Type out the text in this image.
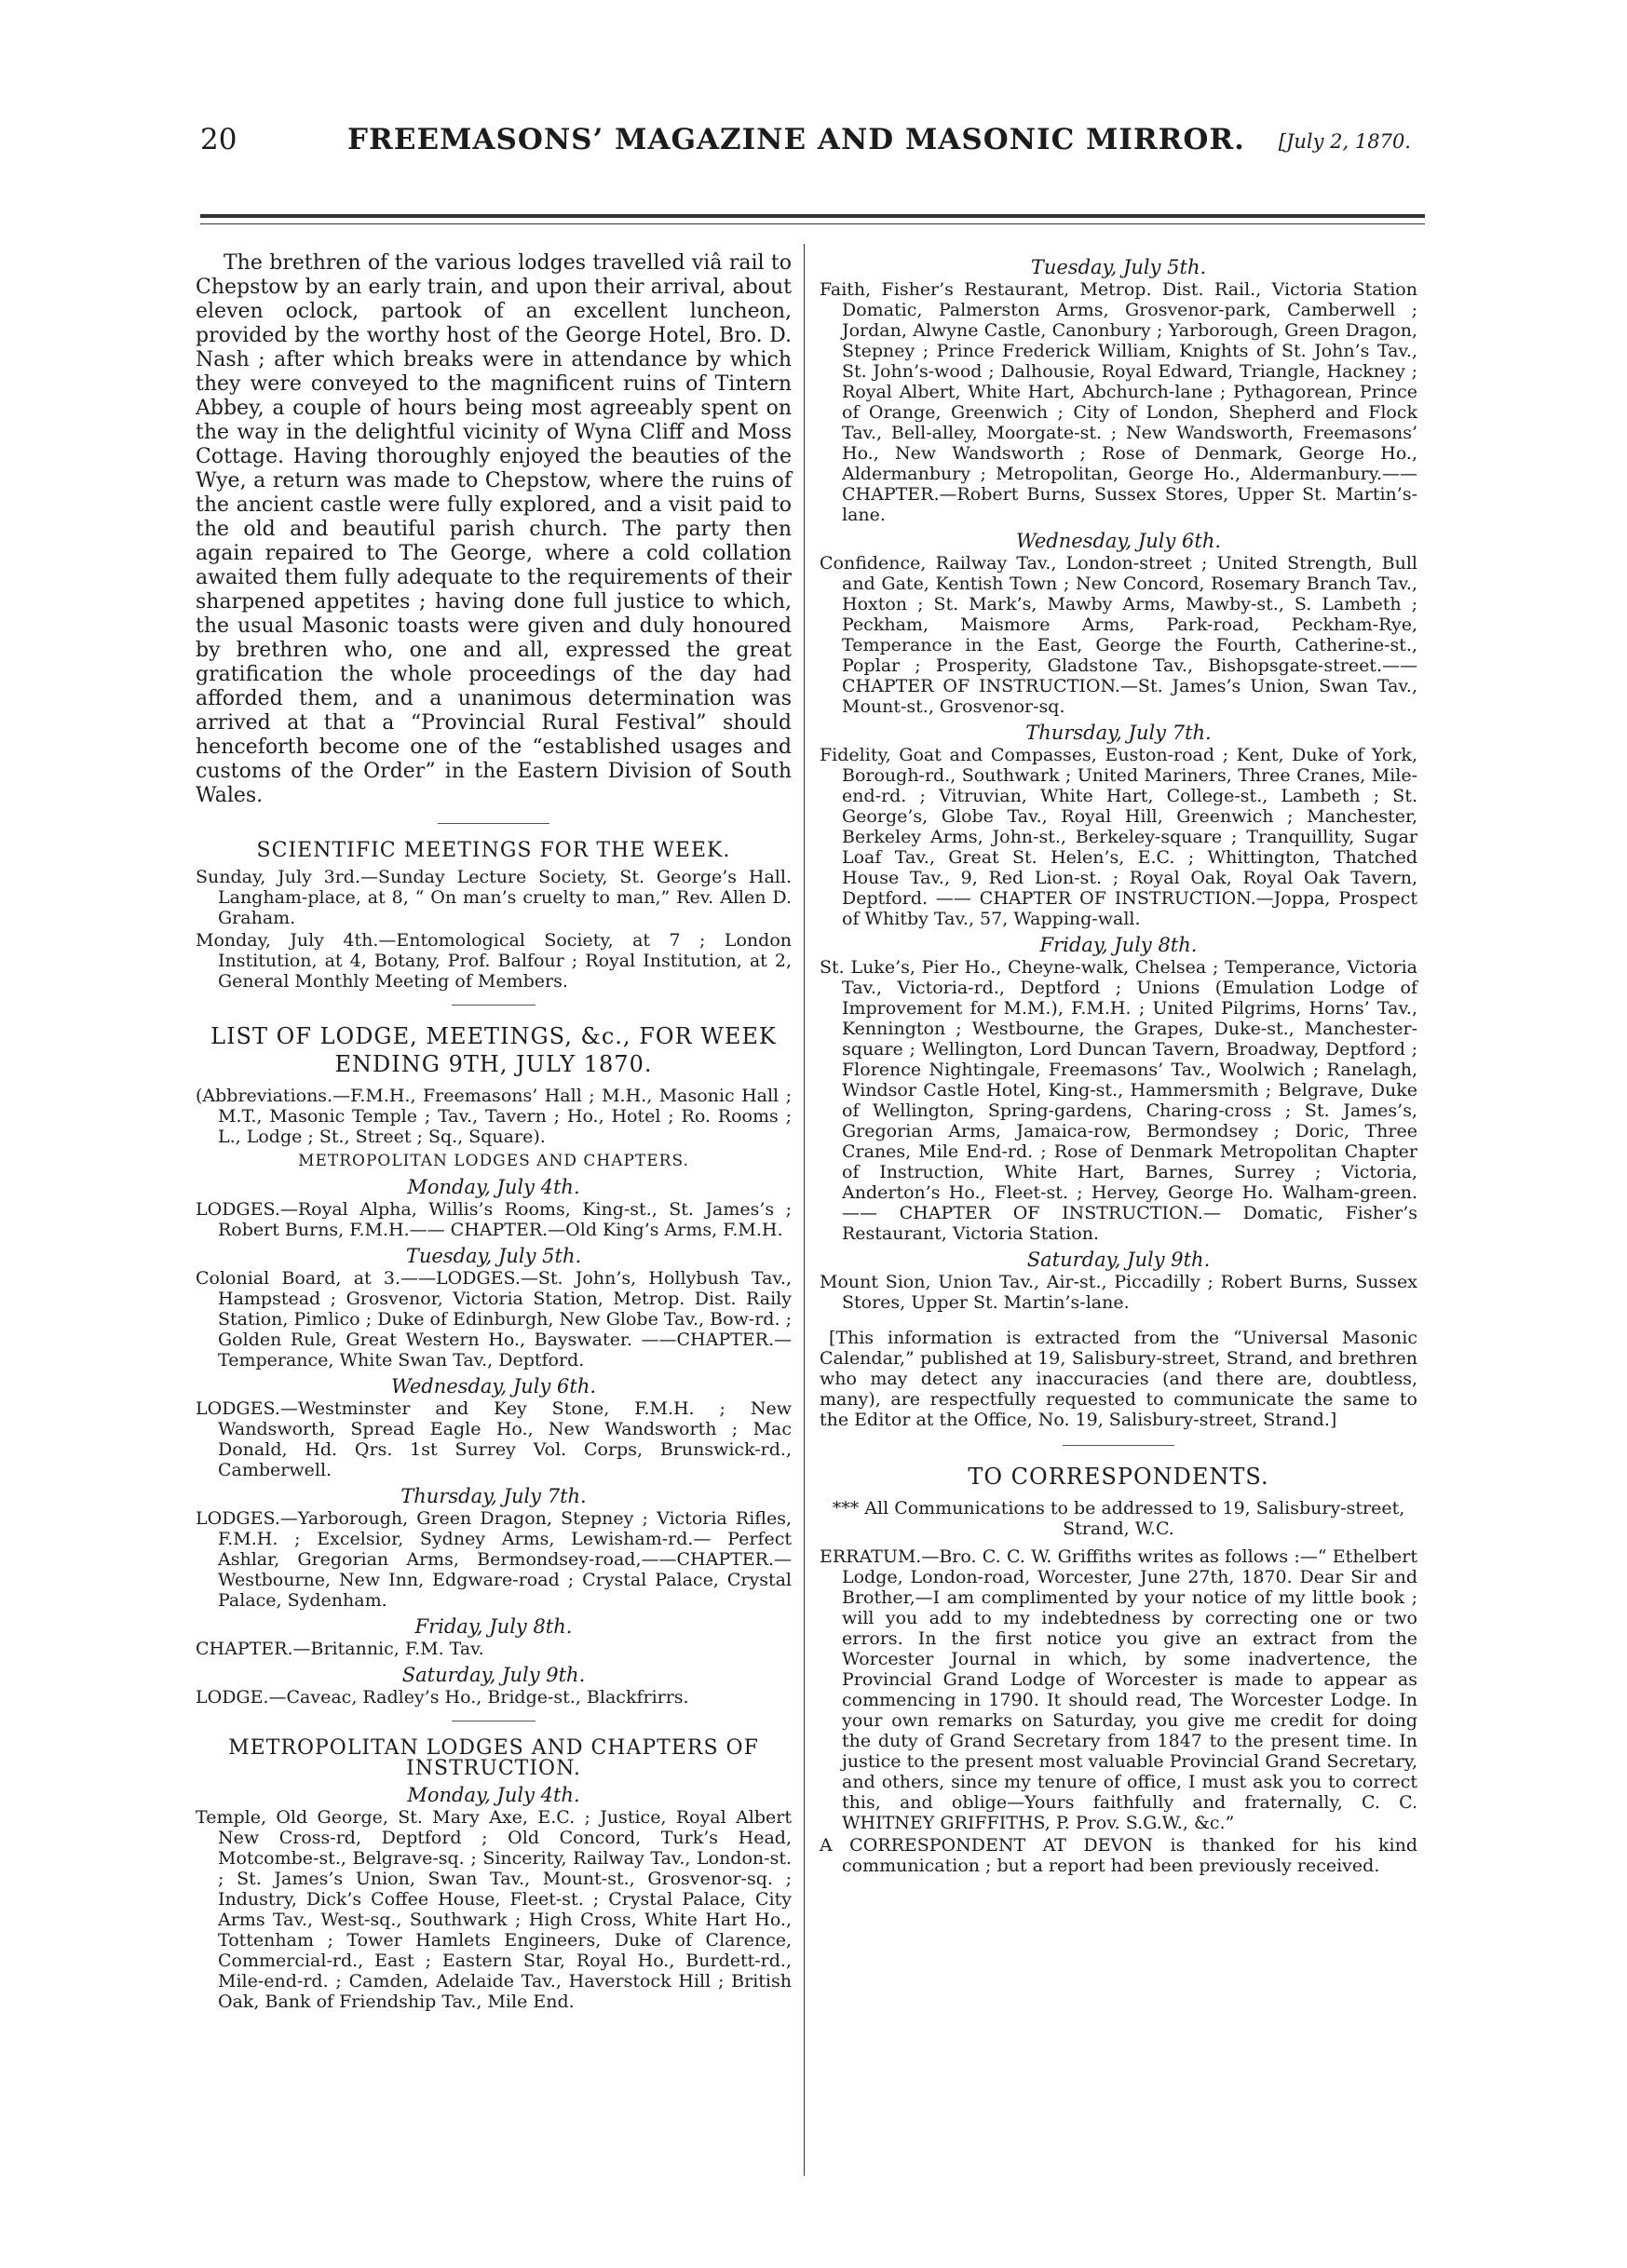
20	FREEMASONS’ MAGAZINE AND MASONIC MIRROR.	[July 2, 1870.

The brethren of the various lodges travelled viâ rail to Chepstow by an early train, and upon their arrival, about eleven oclock, partook of an excellent luncheon, provided by the worthy host of the George Hotel, Bro. D. Nash ; after which breaks were in attendance by which they were conveyed to the magnificent ruins of Tintern Abbey, a couple of hours being most agreeably spent on the way in the delightful vicinity of Wyna Cliff and Moss Cottage. Having thoroughly enjoyed the beauties of the Wye, a return was made to Chepstow, where the ruins of the ancient castle were fully explored, and a visit paid to the old and beautiful parish church. The party then again repaired to The George, where a cold collation awaited them fully adequate to the requirements of their sharpened appetites ; having done full justice to which, the usual Masonic toasts were given and duly honoured by brethren who, one and all, expressed the great gratification the whole proceedings of the day had afforded them, and a unanimous determination was arrived at that a “Provincial Rural Festival” should henceforth become one of the “established usages and customs of the Order” in the Eastern Division of South Wales.

SCIENTIFIC MEETINGS FOR THE WEEK.

Sunday, July 3rd.—Sunday Lecture Society, St. George’s Hall. Langham-place, at 8, “ On man’s cruelty to man,” Rev. Allen D. Graham.

Monday, July 4th.—Entomological Society, at 7 ; London Institution, at 4, Botany, Prof. Balfour ; Royal Institution, at 2, General Monthly Meeting of Members.

LIST OF LODGE, MEETINGS, &c., FOR WEEK ENDING 9TH, JULY 1870.

(Abbreviations.—F.M.H., Freemasons’ Hall ; M.H., Masonic Hall ; M.T., Masonic Temple ; Tav., Tavern ; Ho., Hotel ; Ro. Rooms ; L., Lodge ; St., Street ; Sq., Square).

METROPOLITAN LODGES AND CHAPTERS.
Monday, July 4th.

LODGES.—Royal Alpha, Willis’s Rooms, King-st., St. James’s ; Robert Burns, F.M.H.—— CHAPTER.—Old King’s Arms, F.M.H.

Tuesday, July 5th.

Colonial Board, at 3.——LODGES.—St. John’s, Hollybush Tav., Hampstead ; Grosvenor, Victoria Station, Metrop. Dist. Raily Station, Pimlico ; Duke of Edinburgh, New Globe Tav., Bow-rd. ; Golden Rule, Great Western Ho., Bayswater. ——CHAPTER.—Temperance, White Swan Tav., Deptford.

Wednesday, July 6th.

LODGES.—Westminster and Key Stone, F.M.H. ; New Wandsworth, Spread Eagle Ho., New Wandsworth ; Mac Donald, Hd. Qrs. 1st Surrey Vol. Corps, Brunswick-rd., Camberwell.

Thursday, July 7th.

LODGES.—Yarborough, Green Dragon, Stepney ; Victoria Rifles, F.M.H. ; Excelsior, Sydney Arms, Lewisham-rd.— Perfect Ashlar, Gregorian Arms, Bermondsey-road,——CHAPTER.— Westbourne, New Inn, Edgware-road ; Crystal Palace, Crystal Palace, Sydenham.

Friday, July 8th.

CHAPTER.—Britannic, F.M. Tav.

Saturday, July 9th.

LODGE.—Caveac, Radley’s Ho., Bridge-st., Blackfrirrs.

METROPOLITAN LODGES AND CHAPTERS OF INSTRUCTION.
Monday, July 4th.

Temple, Old George, St. Mary Axe, E.C. ; Justice, Royal Albert New Cross-rd, Deptford ; Old Concord, Turk’s Head, Motcombe-st., Belgrave-sq. ; Sincerity, Railway Tav., London-st. ; St. James’s Union, Swan Tav., Mount-st., Grosvenor-sq. ; Industry, Dick’s Coffee House, Fleet-st. ; Crystal Palace, City Arms Tav., West-sq., Southwark ; High Cross, White Hart Ho., Tottenham ; Tower Hamlets Engineers, Duke of Clarence, Commercial-rd., East ; Eastern Star, Royal Ho., Burdett-rd., Mile-end-rd. ; Camden, Adelaide Tav., Haverstock Hill ; British Oak, Bank of Friendship Tav., Mile End.

Tuesday, July 5th.

Faith, Fisher’s Restaurant, Metrop. Dist. Rail., Victoria Station Domatic, Palmerston Arms, Grosvenor-park, Camberwell ; Jordan, Alwyne Castle, Canonbury ; Yarborough, Green Dragon, Stepney ; Prince Frederick William, Knights of St. John’s Tav., St. John’s-wood ; Dalhousie, Royal Edward, Triangle, Hackney ; Royal Albert, White Hart, Abchurch-lane ; Pythagorean, Prince of Orange, Greenwich ; City of London, Shepherd and Flock Tav., Bell-alley, Moorgate-st. ; New Wandsworth, Freemasons’ Ho., New Wandsworth ; Rose of Denmark, George Ho., Aldermanbury ; Metropolitan, George Ho., Aldermanbury.—— CHAPTER.—Robert Burns, Sussex Stores, Upper St. Martin’s-lane.

Wednesday, July 6th.

Confidence, Railway Tav., London-street ; United Strength, Bull and Gate, Kentish Town ; New Concord, Rosemary Branch Tav., Hoxton ; St. Mark’s, Mawby Arms, Mawby-st., S. Lambeth ; Peckham, Maismore Arms, Park-road, Peckham-Rye, Temperance in the East, George the Fourth, Catherine-st., Poplar ; Prosperity, Gladstone Tav., Bishopsgate-street.—— CHAPTER OF INSTRUCTION.—St. James’s Union, Swan Tav., Mount-st., Grosvenor-sq.

Thursday, July 7th.

Fidelity, Goat and Compasses, Euston-road ; Kent, Duke of York, Borough-rd., Southwark ; United Mariners, Three Cranes, Mile-end-rd. ; Vitruvian, White Hart, College-st., Lambeth ; St. George’s, Globe Tav., Royal Hill, Greenwich ; Manchester, Berkeley Arms, John-st., Berkeley-square ; Tranquillity, Sugar Loaf Tav., Great St. Helen’s, E.C. ; Whittington, Thatched House Tav., 9, Red Lion-st. ; Royal Oak, Royal Oak Tavern, Deptford. —— CHAPTER OF INSTRUCTION.—Joppa, Prospect of Whitby Tav., 57, Wapping-wall.

Friday, July 8th.

St. Luke’s, Pier Ho., Cheyne-walk, Chelsea ; Temperance, Victoria Tav., Victoria-rd., Deptford ; Unions (Emulation Lodge of Improvement for M.M.), F.M.H. ; United Pilgrims, Horns’ Tav., Kennington ; Westbourne, the Grapes, Duke-st., Manchester-square ; Wellington, Lord Duncan Tavern, Broadway, Deptford ; Florence Nightingale, Freemasons’ Tav., Woolwich ; Ranelagh, Windsor Castle Hotel, King-st., Hammersmith ; Belgrave, Duke of Wellington, Spring-gardens, Charing-cross ; St. James’s, Gregorian Arms, Jamaica-row, Bermondsey ; Doric, Three Cranes, Mile End-rd. ; Rose of Denmark Metropolitan Chapter of Instruction, White Hart, Barnes, Surrey ; Victoria, Anderton’s Ho., Fleet-st. ; Hervey, George Ho. Walham-green. —— CHAPTER OF INSTRUCTION.— Domatic, Fisher’s Restaurant, Victoria Station.

Saturday, July 9th.

Mount Sion, Union Tav., Air-st., Piccadilly ; Robert Burns, Sussex Stores, Upper St. Martin’s-lane.

[This information is extracted from the “Universal Masonic Calendar,” published at 19, Salisbury-street, Strand, and brethren who may detect any inaccuracies (and there are, doubtless, many), are respectfully requested to communicate the same to the Editor at the Office, No. 19, Salisbury-street, Strand.]

TO CORRESPONDENTS.

*** All Communications to be addressed to 19, Salisbury-street, Strand, W.C.

ERRATUM.—Bro. C. C. W. Griffiths writes as follows :—“ Ethelbert Lodge, London-road, Worcester, June 27th, 1870. Dear Sir and Brother,—I am complimented by your notice of my little book ; will you add to my indebtedness by correcting one or two errors. In the first notice you give an extract from the Worcester Journal in which, by some inadvertence, the Provincial Grand Lodge of Worcester is made to appear as commencing in 1790. It should read, The Worcester Lodge. In your own remarks on Saturday, you give me credit for doing the duty of Grand Secretary from 1847 to the present time. In justice to the present most valuable Provincial Grand Secretary, and others, since my tenure of office, I must ask you to correct this, and oblige—Yours faithfully and fraternally, C. C. WHITNEY GRIFFITHS, P. Prov. S.G.W., &c.”

A CORRESPONDENT AT DEVON is thanked for his kind communication ; but a report had been previously received.
